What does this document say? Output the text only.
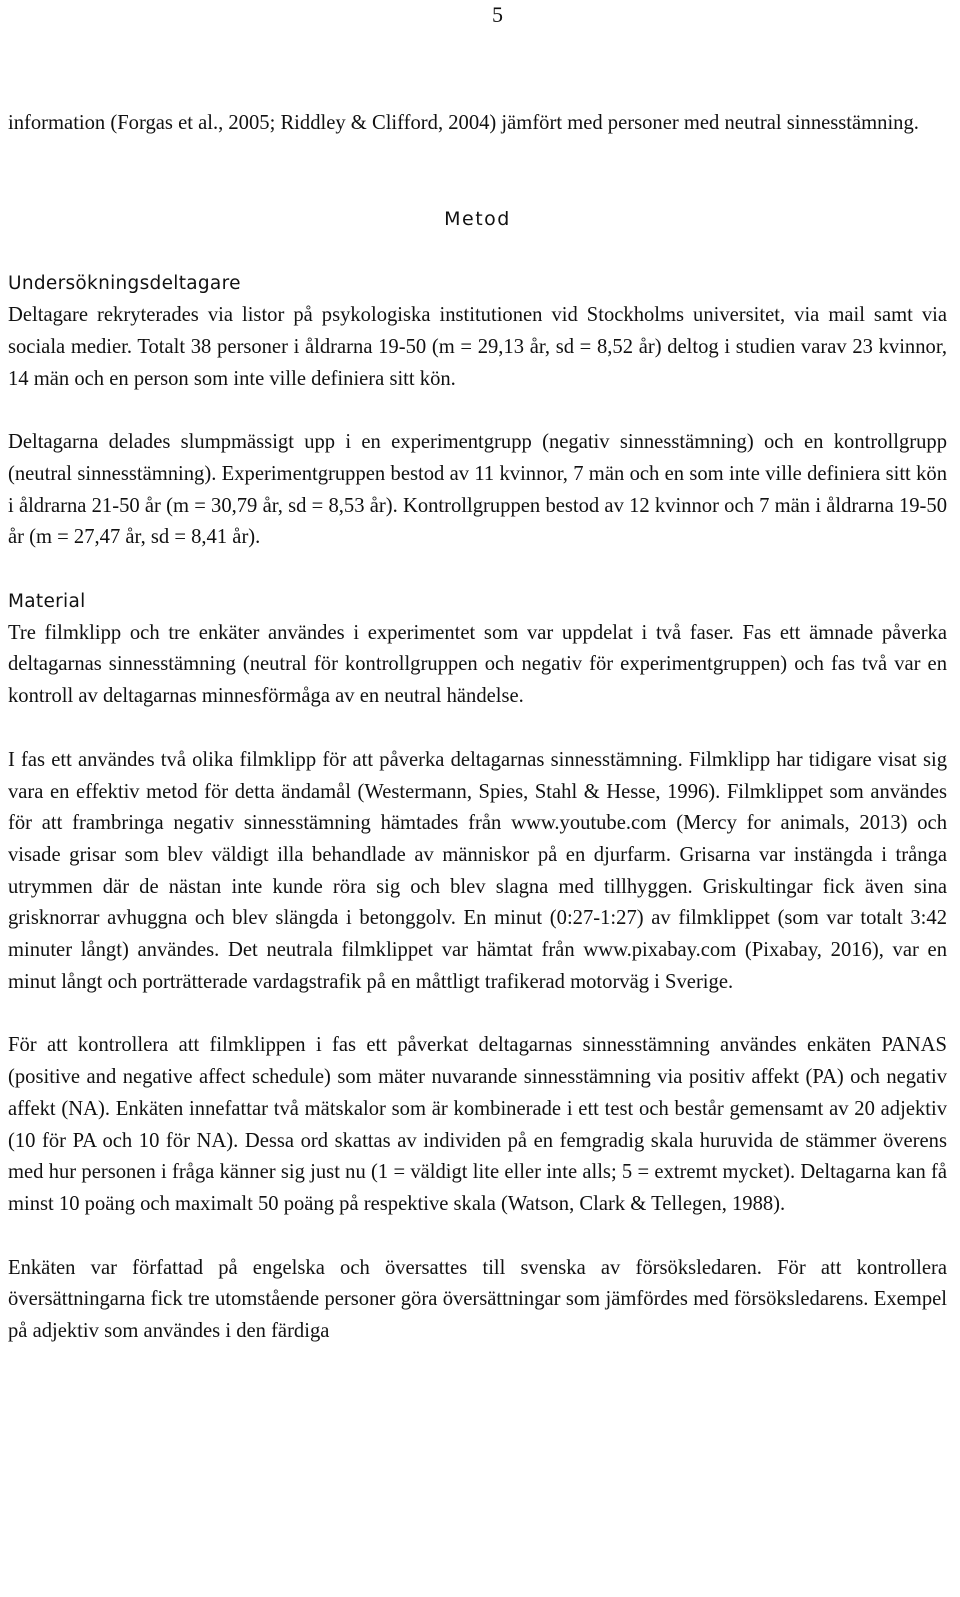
5

information (Forgas et al., 2005; Riddley & Clifford, 2004) jämfört med personer med neutral sinnesstämning.

Metod
Undersökningsdeltagare

Deltagare rekryterades via listor på psykologiska institutionen vid Stockholms universitet, via mail samt via sociala medier. Totalt 38 personer i åldrarna 19-50 (m = 29,13 år, sd = 8,52 år) deltog i studien varav 23 kvinnor, 14 män och en person som inte ville definiera sitt kön.

Deltagarna delades slumpmässigt upp i en experimentgrupp (negativ sinnesstämning) och en kontrollgrupp (neutral sinnesstämning). Experimentgruppen bestod av 11 kvinnor, 7 män och en som inte ville definiera sitt kön i åldrarna 21-50 år (m = 30,79 år, sd = 8,53 år). Kontrollgruppen bestod av 12 kvinnor och 7 män i åldrarna 19-50 år (m = 27,47 år, sd = 8,41 år).

Material

Tre filmklipp och tre enkäter användes i experimentet som var uppdelat i två faser. Fas ett ämnade påverka deltagarnas sinnesstämning (neutral för kontrollgruppen och negativ för experimentgruppen) och fas två var en kontroll av deltagarnas minnesförmåga av en neutral händelse.

I fas ett användes två olika filmklipp för att påverka deltagarnas sinnesstämning. Filmklipp har tidigare visat sig vara en effektiv metod för detta ändamål (Westermann, Spies, Stahl & Hesse, 1996). Filmklippet som användes för att frambringa negativ sinnesstämning hämtades från www.youtube.com (Mercy for animals, 2013) och visade grisar som blev väldigt illa behandlade av människor på en djurfarm. Grisarna var instängda i trånga utrymmen där de nästan inte kunde röra sig och blev slagna med tillhyggen. Griskultingar fick även sina grisknorrar avhuggna och blev slängda i betonggolv. En minut (0:27-1:27) av filmklippet (som var totalt 3:42 minuter långt) användes. Det neutrala filmklippet var hämtat från www.pixabay.com (Pixabay, 2016), var en minut långt och porträtterade vardagstrafik på en måttligt trafikerad motorväg i Sverige.

För att kontrollera att filmklippen i fas ett påverkat deltagarnas sinnesstämning användes enkäten PANAS (positive and negative affect schedule) som mäter nuvarande sinnesstämning via positiv affekt (PA) och negativ affekt (NA). Enkäten innefattar två mätskalor som är kombinerade i ett test och består gemensamt av 20 adjektiv (10 för PA och 10 för NA). Dessa ord skattas av individen på en femgradig skala huruvida de stämmer överens med hur personen i fråga känner sig just nu (1 = väldigt lite eller inte alls; 5 = extremt mycket). Deltagarna kan få minst 10 poäng och maximalt 50 poäng på respektive skala (Watson, Clark & Tellegen, 1988).

Enkäten var författad på engelska och översattes till svenska av försöksledaren. För att kontrollera översättningarna fick tre utomstående personer göra översättningar som jämfördes med försöksledarens. Exempel på adjektiv som användes i den färdiga
